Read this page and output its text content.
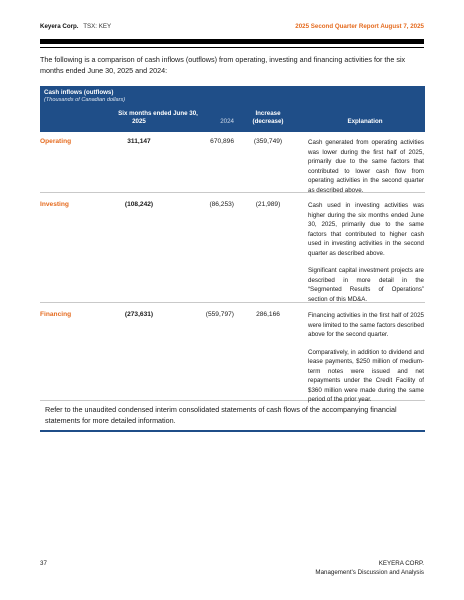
Keyera Corp. TSX: KEY	2025 Second Quarter Report August 7, 2025
The following is a comparison of cash inflows (outflows) from operating, investing and financing activities for the six months ended June 30, 2025 and 2024:
Cash inflows (outflows)
(Thousands of Canadian dollars)
Six months ended June 30,
2025	2024
Increase
(decrease)	Explanation
Operating	311,147	670,896	(359,749)	Cash generated from operating activities was lower during the first half of 2025, primarily due to the same factors that contributed to lower cash flow from operating activities in the second quarter as described above.

Investing	(108,242)	(86,253)	(21,989)	Cash used in investing activities was higher during the six months ended June 30, 2025, primarily due to the same factors that contributed to higher cash used in investing activities in the second quarter as described above.

Significant capital investment projects are described in more detail in the “Segmented Results of Operations” section of this MD&A.

Financing	(273,631)	(559,797)	286,166	Financing activities in the first half of 2025 were limited to the same factors described above for the second quarter.

Comparatively, in addition to dividend and lease payments, $250 million of medium-term notes were issued and net repayments under the Credit Facility of $360 million were made during the same period of the prior year.

Refer to the unaudited condensed interim consolidated statements of cash flows of the accompanying financial statements for more detailed information.
37	KEYERA CORP.
Management’s Discussion and Analysis
